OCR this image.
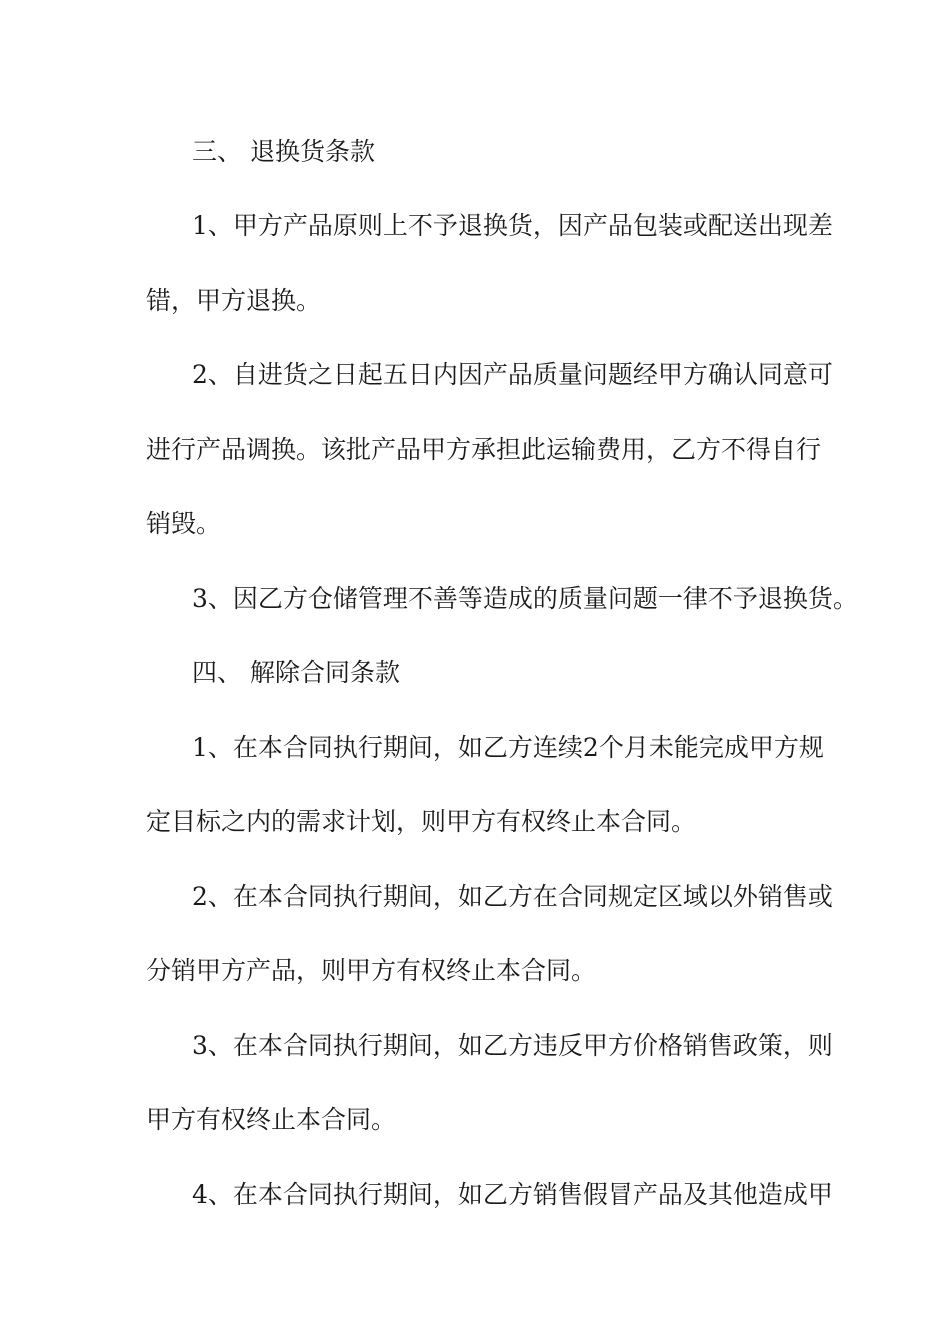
三、 退换货条款
1、甲方产品原则上不予退换货，因产品包装或配送出现差
错，甲方退换。
2、自进货之日起五日内因产品质量问题经甲方确认同意可
进行产品调换。该批产品甲方承担此运输费用，乙方不得自行
销毁。
3、因乙方仓储管理不善等造成的质量问题一律不予退换货。
四、 解除合同条款
1、在本合同执行期间，如乙方连续2个月未能完成甲方规
定目标之内的需求计划，则甲方有权终止本合同。
2、在本合同执行期间，如乙方在合同规定区域以外销售或
分销甲方产品，则甲方有权终止本合同。
3、在本合同执行期间，如乙方违反甲方价格销售政策，则
甲方有权终止本合同。
4、在本合同执行期间，如乙方销售假冒产品及其他造成甲
